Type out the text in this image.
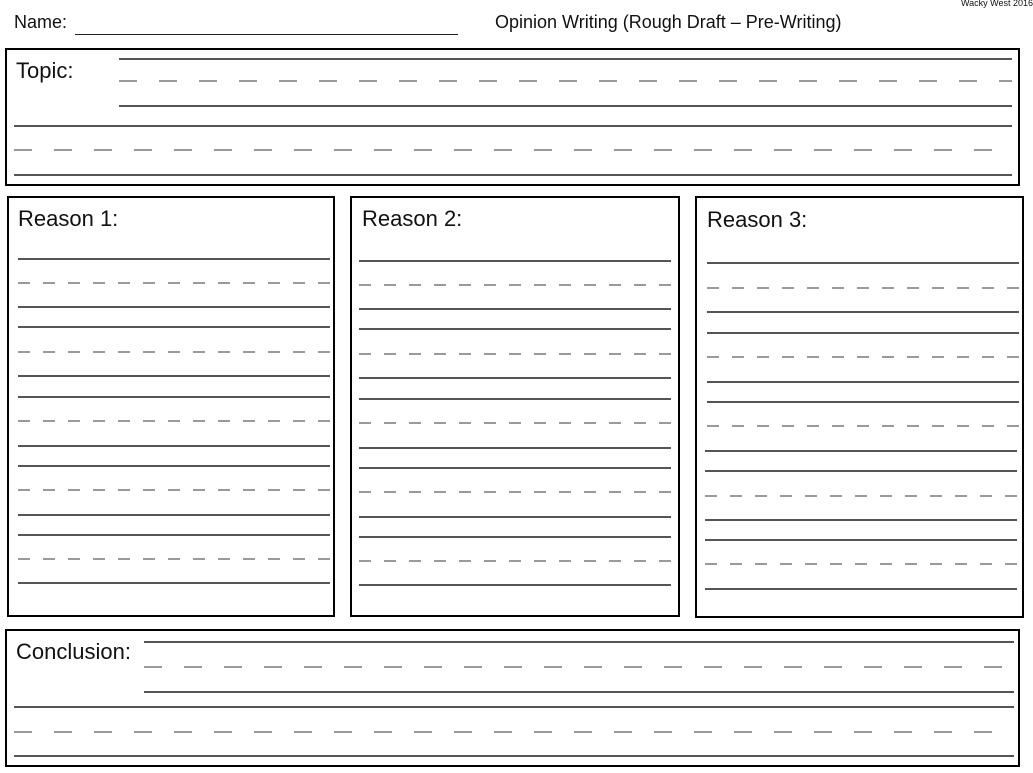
Wacky West 2016
Name:	Opinion Writing (Rough Draft – Pre-Writing)
Topic:
Reason 1:	Reason 2:	Reason 3:
Conclusion:
